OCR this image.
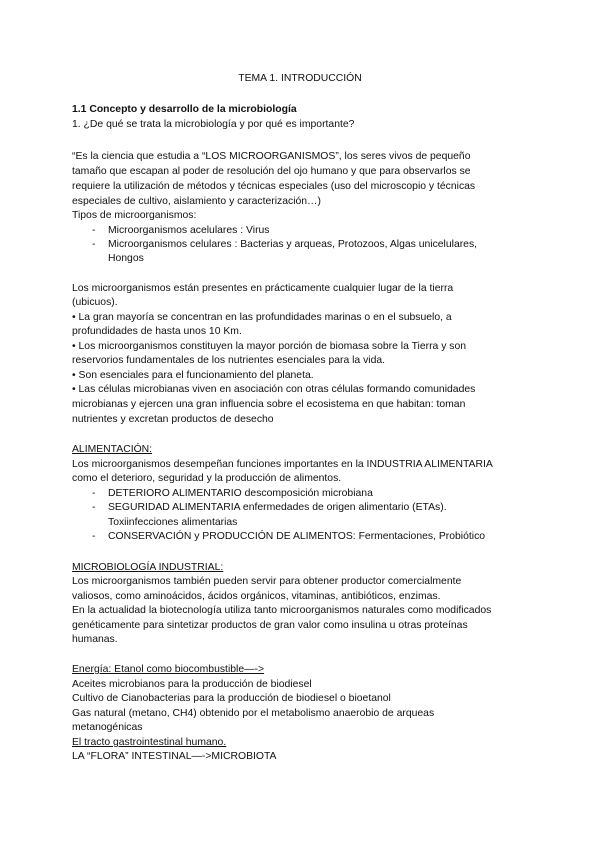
TEMA 1. INTRODUCCIÓN
1.1 Concepto y desarrollo de la microbiología
1. ¿De qué se trata la microbiología y por qué es importante?
“Es la ciencia que estudia a “LOS MICROORGANISMOS”, los seres vivos de pequeño
tamaño que escapan al poder de resolución del ojo humano y que para observarlos se
requiere la utilización de métodos y técnicas especiales (uso del microscopio y técnicas
especiales de cultivo, aislamiento y caracterización…)
Tipos de microorganismos:
- Microorganismos acelulares : Virus
- Microorganismos celulares : Bacterias y arqueas, Protozoos, Algas unicelulares,
Hongos
Los microorganismos están presentes en prácticamente cualquier lugar de la tierra
(ubicuos).
• La gran mayoría se concentran en las profundidades marinas o en el subsuelo, a
profundidades de hasta unos 10 Km.
• Los microorganismos constituyen la mayor porción de biomasa sobre la Tierra y son
reservorios fundamentales de los nutrientes esenciales para la vida.
• Son esenciales para el funcionamiento del planeta.
• Las células microbianas viven en asociación con otras células formando comunidades
microbianas y ejercen una gran influencia sobre el ecosistema en que habitan: toman
nutrientes y excretan productos de desecho
ALIMENTACIÓN:
Los microorganismos desempeñan funciones importantes en la INDUSTRIA ALIMENTARIA
como el deterioro, seguridad y la producción de alimentos.
- DETERIORO ALIMENTARIO descomposición microbiana
- SEGURIDAD ALIMENTARIA enfermedades de origen alimentario (ETAs).
Toxiinfecciones alimentarias
- CONSERVACIÓN y PRODUCCIÓN DE ALIMENTOS: Fermentaciones, Probiótico
MICROBIOLOGÍA INDUSTRIAL:
Los microorganismos también pueden servir para obtener productor comercialmente
valiosos, como aminoácidos, ácidos orgánicos, vitaminas, antibióticos, enzimas.
En la actualidad la biotecnología utiliza tanto microorganismos naturales como modificados
genéticamente para sintetizar productos de gran valor como insulina u otras proteínas
humanas.
Energía: Etanol como biocombustible—->
Aceites microbianos para la producción de biodiesel
Cultivo de Cianobacterias para la producción de biodiesel o bioetanol
Gas natural (metano, CH4) obtenido por el metabolismo anaerobio de arqueas
metanogénicas
El tracto gastrointestinal humano.
LA “FLORA” INTESTINAL—->MICROBIOTA
